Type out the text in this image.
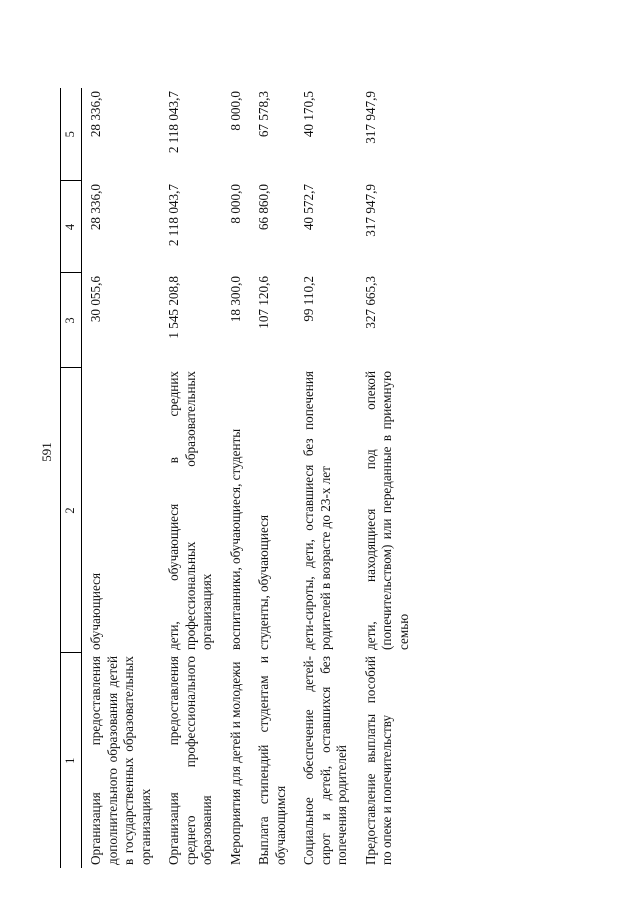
591
1	2	3	4	5
Организация предоставления дополнительного образования детей в государственных образовательных организациях	обучающиеся	30 055,6	28 336,0	28 336,0
Организация предоставления среднего профессионального образования	дети, обучающиеся в средних профессиональных образовательных организациях	1 545 208,8	2 118 043,7	2 118 043,7
Мероприятия для детей и молодежи	воспитанники, обучающиеся, студенты	18 300,0	8 000,0	8 000,0
Выплата стипендий студентам и обучающимся	студенты, обучающиеся	107 120,6	66 860,0	67 578,3
Социальное обеспечение детей-сирот и детей, оставшихся без попечения родителей	дети-сироты, дети, оставшиеся без попечения родителей в возрасте до 23-х лет	99 110,2	40 572,7	40 170,5
Предоставление выплаты пособий по опеке и попечительству	дети, находящиеся под опекой (попечительством) или переданные в приемную семью	327 665,3	317 947,9	317 947,9
